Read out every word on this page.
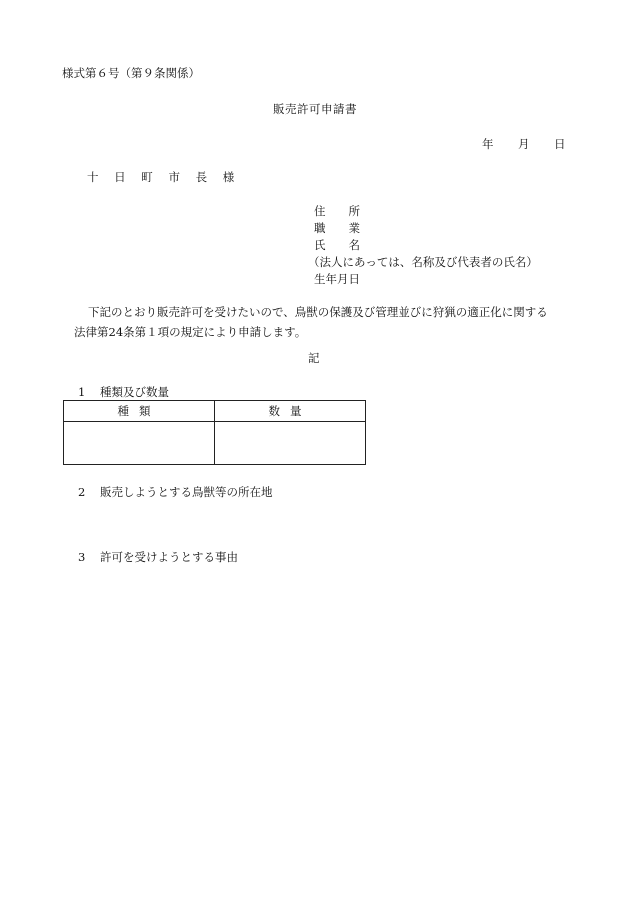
様式第６号（第９条関係）
販売許可申請書
年 月 日
十 日 町 市 長 様
住　　所
職　　業
氏　　名
（法人にあっては、名称及び代表者の氏名）
生年月日

下記のとおり販売許可を受けたいので、鳥獣の保護及び管理並びに狩猟の適正化に関する

法律第24条第１項の規定により申請します。

記
1 種類及び数量
種類	数量

2 販売しようとする鳥獣等の所在地
3 許可を受けようとする事由
